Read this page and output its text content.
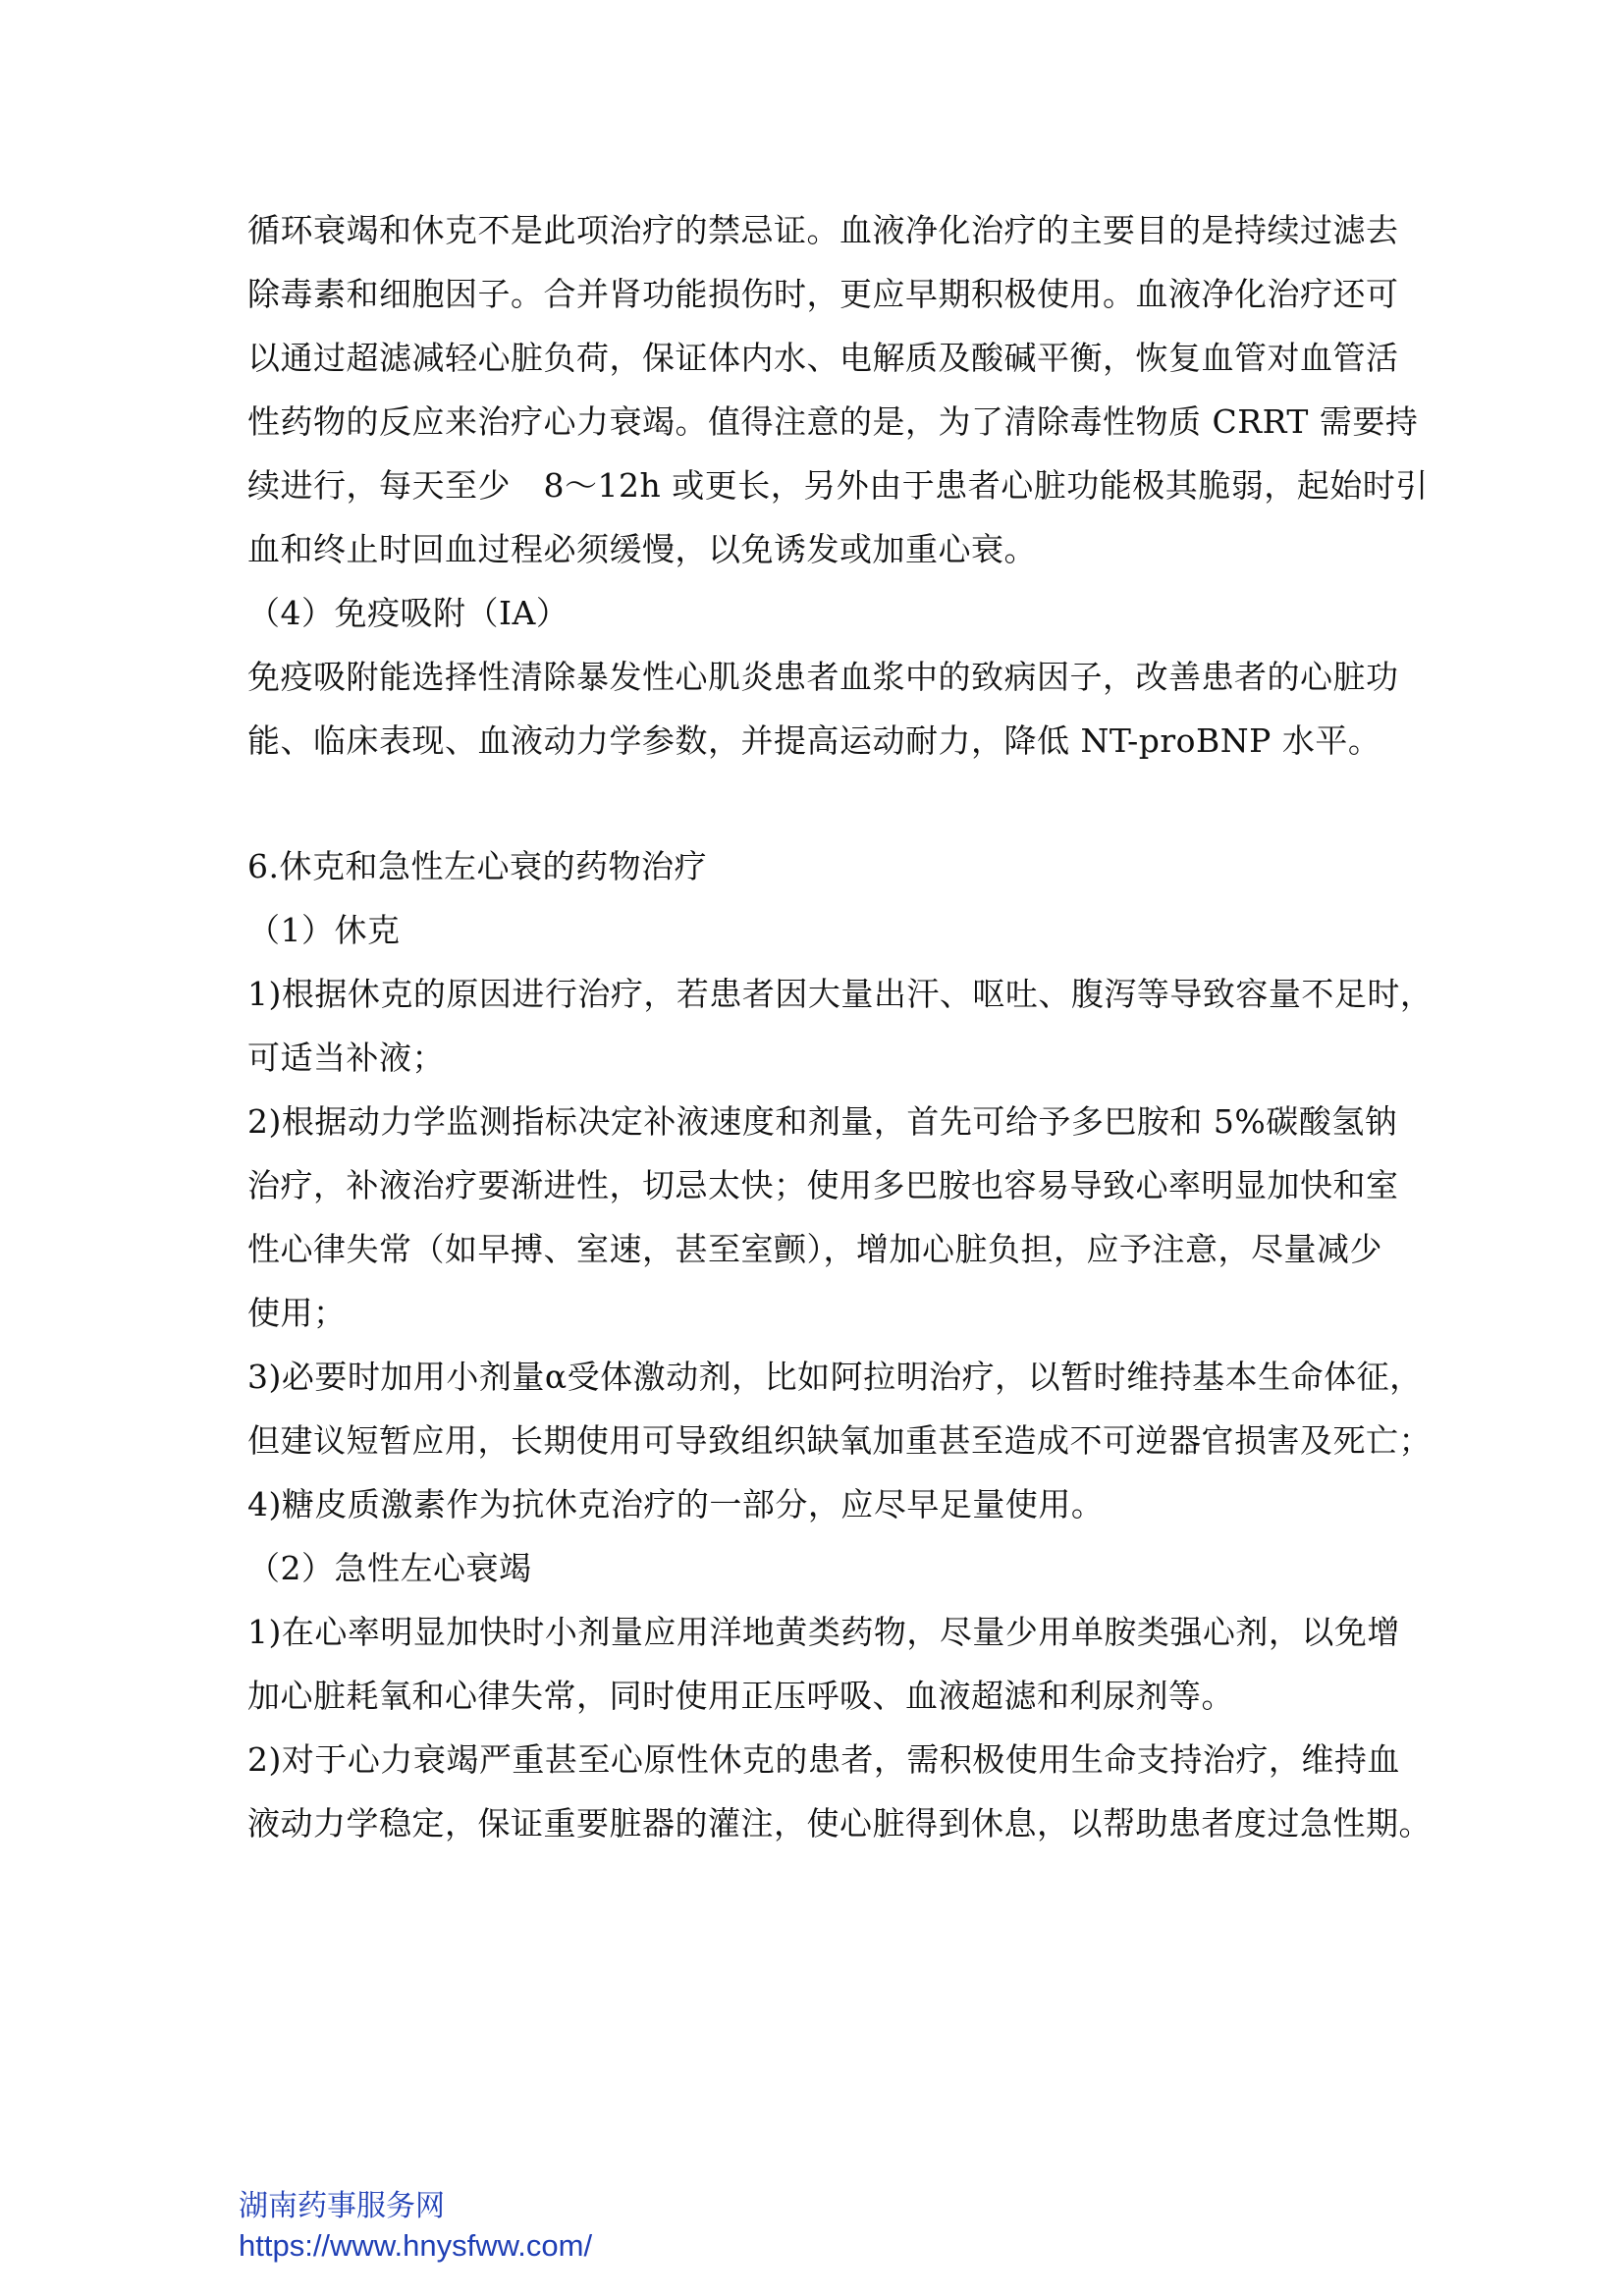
循环衰竭和休克不是此项治疗的禁忌证。血液净化治疗的主要目的是持续过滤去
除毒素和细胞因子。合并肾功能损伤时，更应早期积极使用。血液净化治疗还可
以通过超滤减轻心脏负荷，保证体内水、电解质及酸碱平衡，恢复血管对血管活
性药物的反应来治疗心力衰竭。值得注意的是，为了清除毒性物质 CRRT 需要持
续进行，每天至少　8～12h 或更长，另外由于患者心脏功能极其脆弱，起始时引
血和终止时回血过程必须缓慢，以免诱发或加重心衰。
（4）免疫吸附（IA）
免疫吸附能选择性清除暴发性心肌炎患者血浆中的致病因子，改善患者的心脏功
能、临床表现、血液动力学参数，并提高运动耐力，降低 NT-proBNP 水平。
6.休克和急性左心衰的药物治疗
（1）休克
1)根据休克的原因进行治疗，若患者因大量出汗、呕吐、腹泻等导致容量不足时，
可适当补液；
2)根据动力学监测指标决定补液速度和剂量，首先可给予多巴胺和 5%碳酸氢钠
治疗，补液治疗要渐进性，切忌太快；使用多巴胺也容易导致心率明显加快和室
性心律失常（如早搏、室速，甚至室颤），增加心脏负担，应予注意，尽量减少
使用；
3)必要时加用小剂量α受体激动剂，比如阿拉明治疗，以暂时维持基本生命体征，
但建议短暂应用，长期使用可导致组织缺氧加重甚至造成不可逆器官损害及死亡；
4)糖皮质激素作为抗休克治疗的一部分，应尽早足量使用。
（2）急性左心衰竭
1)在心率明显加快时小剂量应用洋地黄类药物，尽量少用单胺类强心剂，以免增
加心脏耗氧和心律失常，同时使用正压呼吸、血液超滤和利尿剂等。
2)对于心力衰竭严重甚至心原性休克的患者，需积极使用生命支持治疗，维持血
液动力学稳定，保证重要脏器的灌注，使心脏得到休息，以帮助患者度过急性期。
湖南药事服务网
https://www.hnysfww.com/
